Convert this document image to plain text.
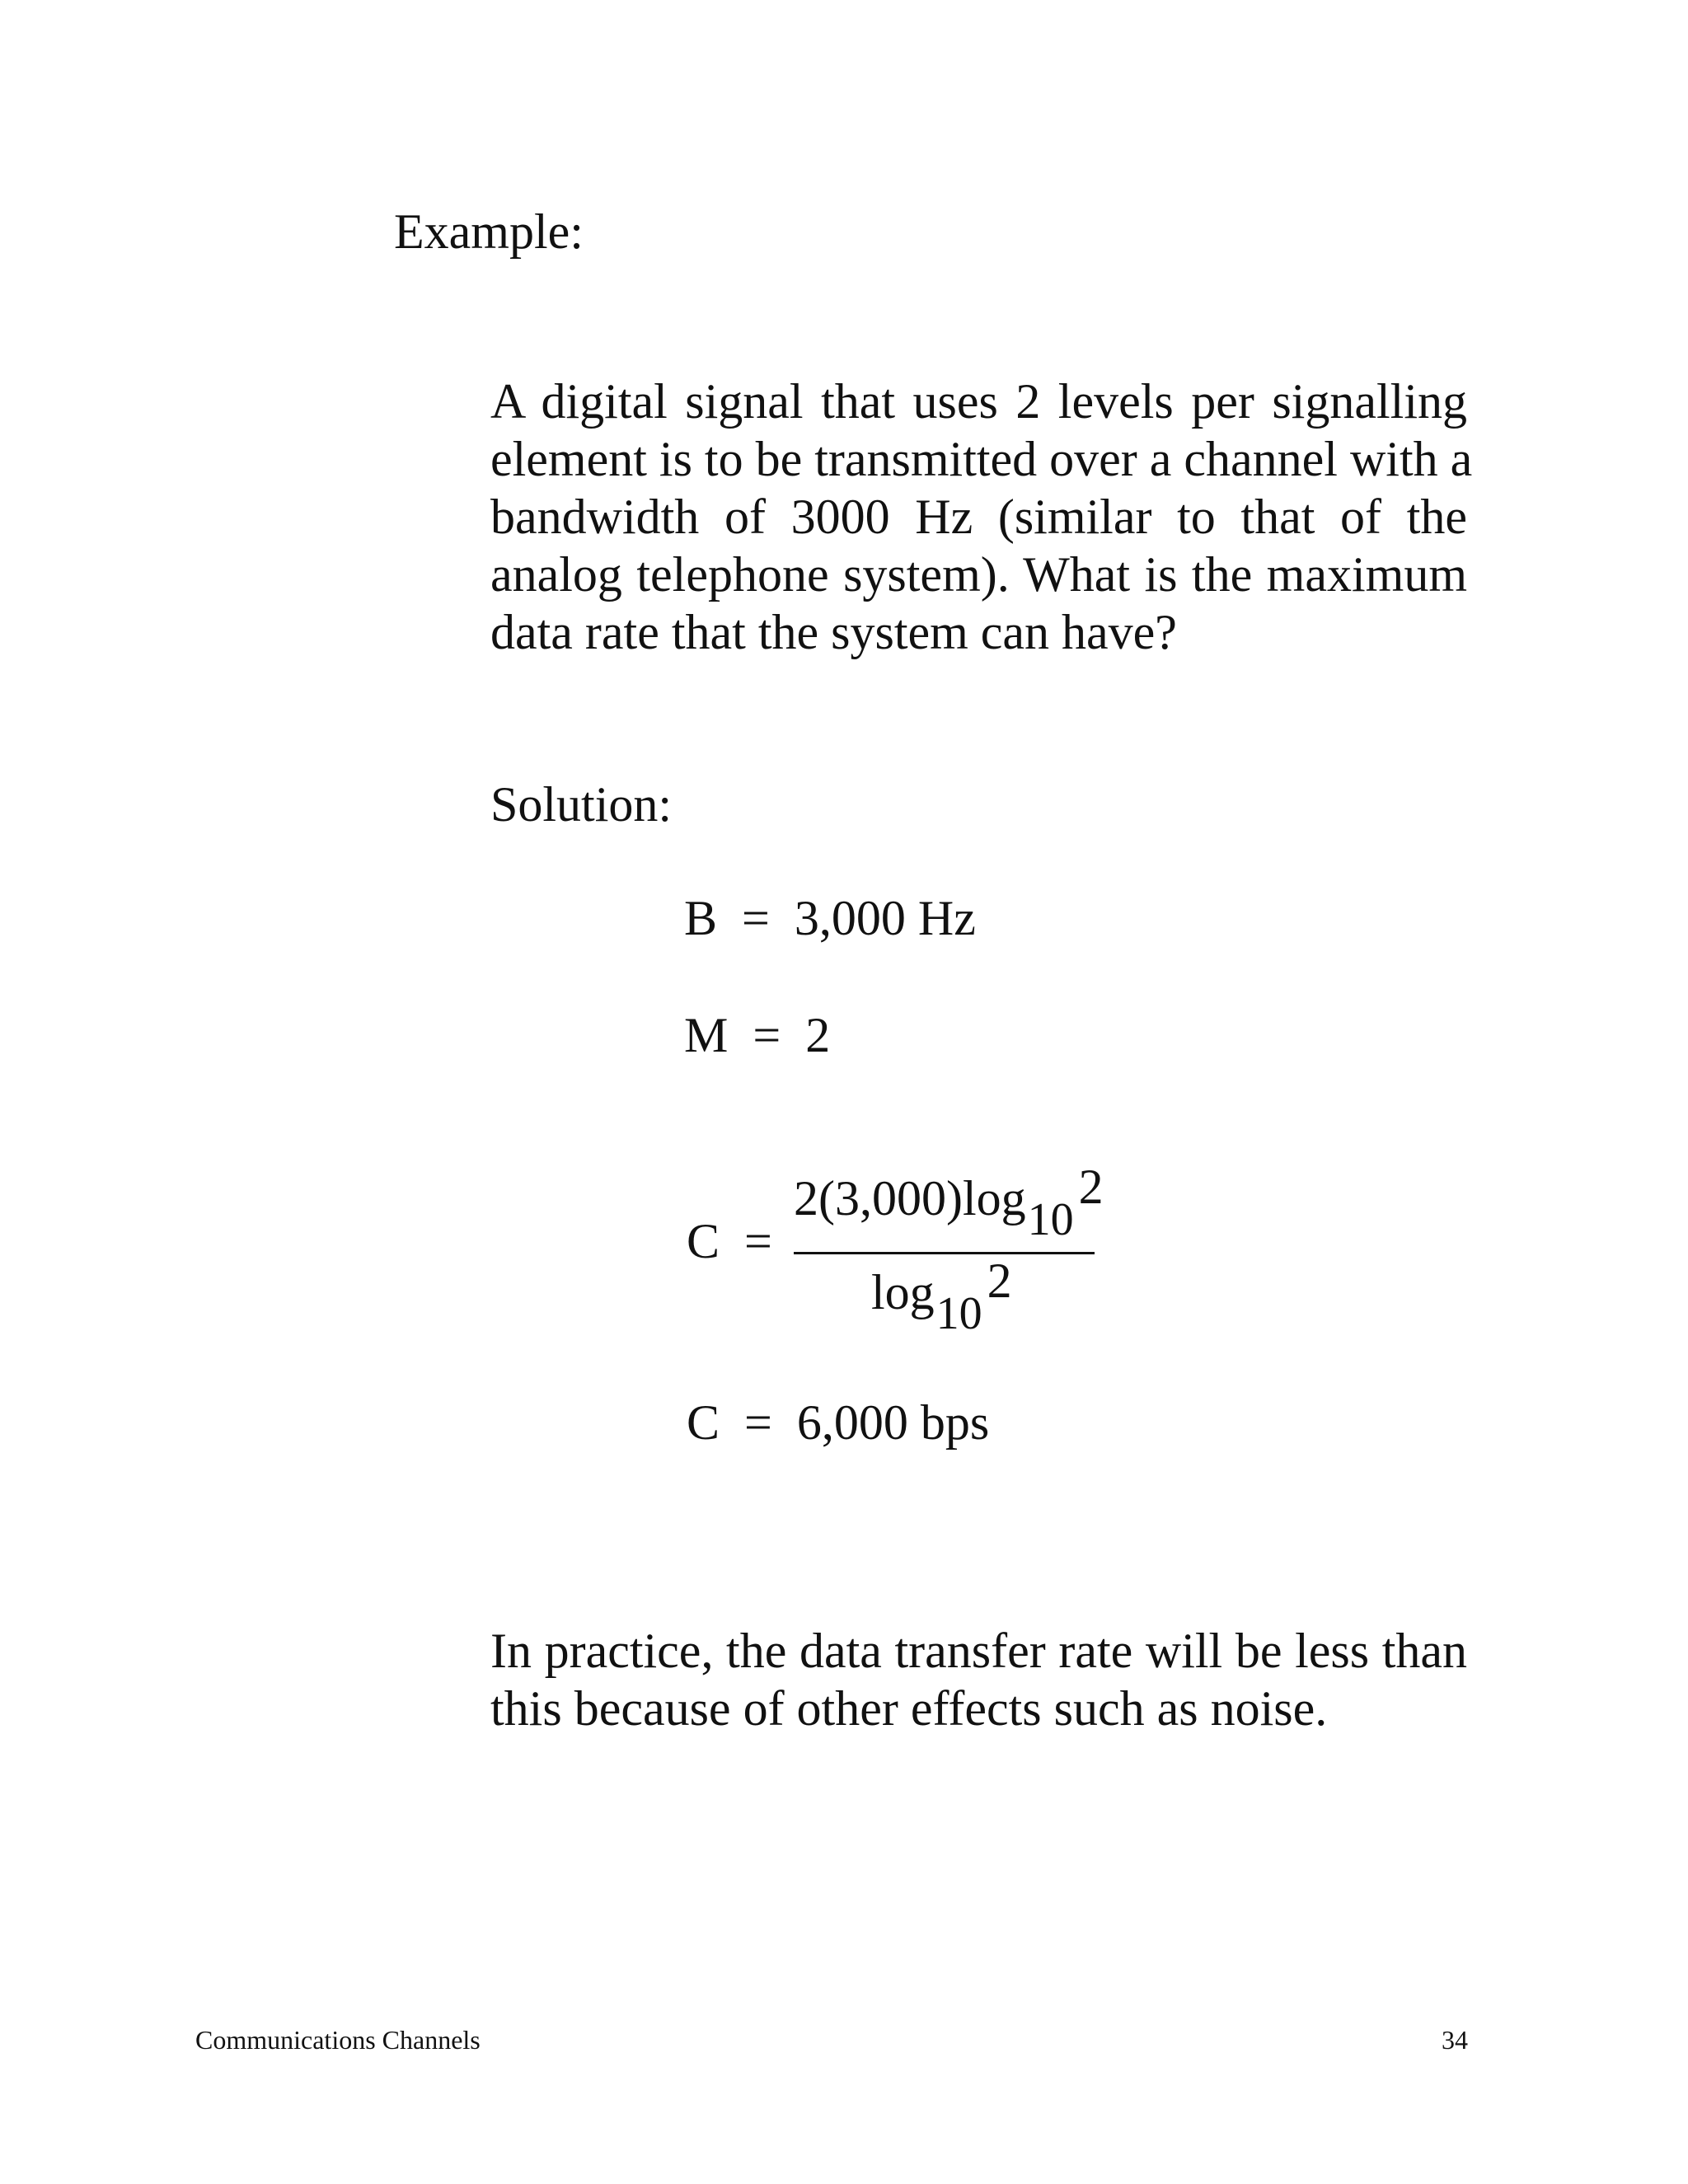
Example:
A digital signal that uses 2 levels per signalling
element is to be transmitted over a channel with a
bandwidth of 3000 Hz (similar to that of the
analog telephone system). What is the maximum
data rate that the system can have?
Solution:
B  =  3,000 Hz
M  =  2
C  =
2(3,000)log102
log102
C  =  6,000 bps
In practice, the data transfer rate will be less than
this because of other effects such as noise.
Communications Channels	34
